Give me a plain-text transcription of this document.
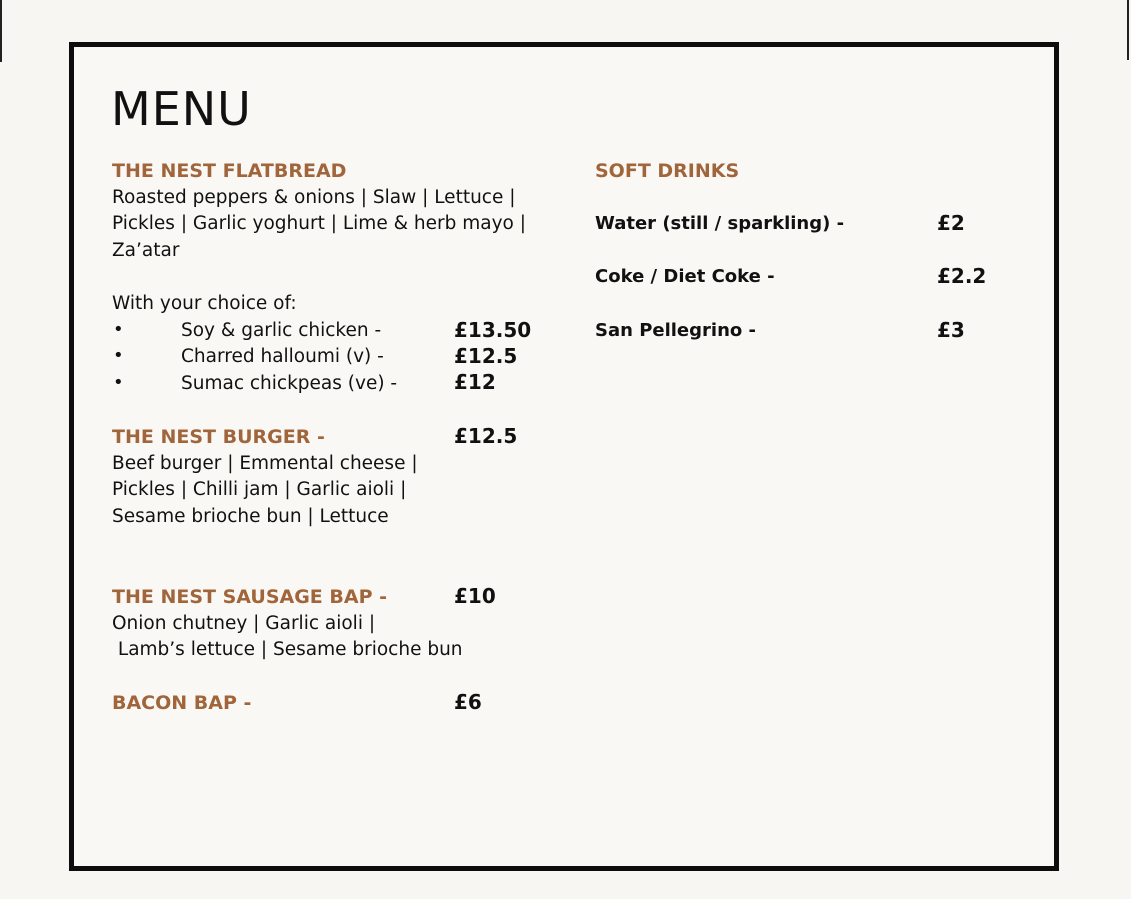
MENU
THE NEST FLATBREAD
Roasted peppers & onions | Slaw | Lettuce |
Pickles | Garlic yoghurt | Lime & herb mayo |
Za’atar
With your choice of:
•	Soy & garlic chicken -	£13.50
•	Charred halloumi (v) -	£12.5
•	Sumac chickpeas (ve) -	£12
THE NEST BURGER -	£12.5
Beef burger | Emmental cheese |
Pickles | Chilli jam | Garlic aioli |
Sesame brioche bun | Lettuce
THE NEST SAUSAGE BAP -	£10
Onion chutney | Garlic aioli |
Lamb’s lettuce | Sesame brioche bun
BACON BAP -	£6
SOFT DRINKS
Water (still / sparkling) -	£2
Coke / Diet Coke -	£2.2
San Pellegrino -	£3
